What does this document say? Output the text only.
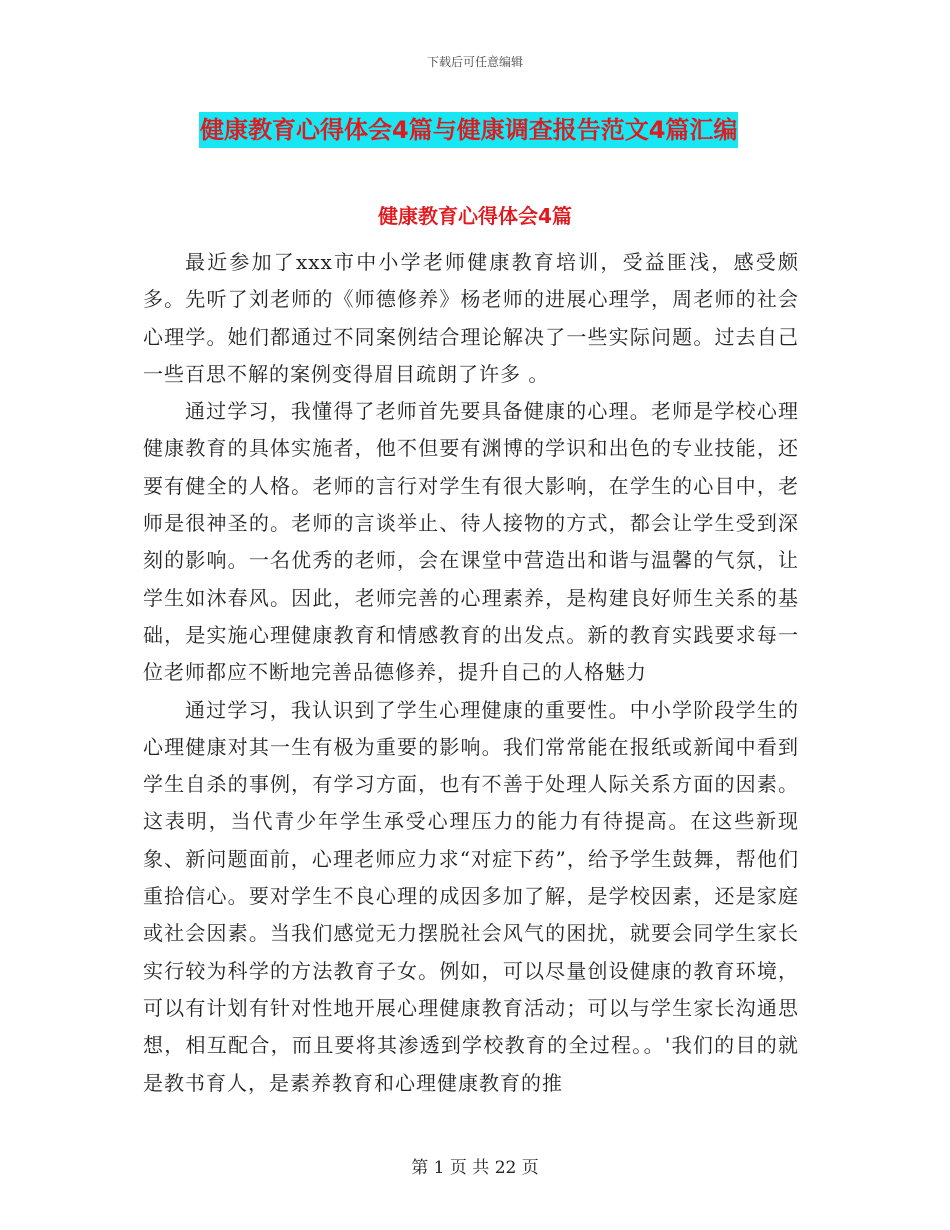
下载后可任意编辑
健康教育心得体会4篇与健康调查报告范文4篇汇编
健康教育心得体会4篇

最近参加了xxx市中小学老师健康教育培训，受益匪浅，感受颇多。先听了刘老师的《师德修养》杨老师的进展心理学，周老师的社会心理学。她们都通过不同案例结合理论解决了一些实际问题。过去自己一些百思不解的案例变得眉目疏朗了许多 。

通过学习，我懂得了老师首先要具备健康的心理。老师是学校心理健康教育的具体实施者，他不但要有渊博的学识和出色的专业技能，还要有健全的人格。老师的言行对学生有很大影响，在学生的心目中，老师是很神圣的。老师的言谈举止、待人接物的方式，都会让学生受到深刻的影响。一名优秀的老师，会在课堂中营造出和谐与温馨的气氛，让学生如沐春风。因此，老师完善的心理素养，是构建良好师生关系的基础，是实施心理健康教育和情感教育的出发点。新的教育实践要求每一位老师都应不断地完善品德修养，提升自己的人格魅力

通过学习，我认识到了学生心理健康的重要性。中小学阶段学生的心理健康对其一生有极为重要的影响。我们常常能在报纸或新闻中看到学生自杀的事例，有学习方面，也有不善于处理人际关系方面的因素。这表明，当代青少年学生承受心理压力的能力有待提高。在这些新现象、新问题面前，心理老师应力求“对症下药”，给予学生鼓舞，帮他们重拾信心。要对学生不良心理的成因多加了解，是学校因素，还是家庭或社会因素。当我们感觉无力摆脱社会风气的困扰，就要会同学生家长实行较为科学的方法教育子女。例如，可以尽量创设健康的教育环境，可以有计划有针对性地开展心理健康教育活动；可以与学生家长沟通思想，相互配合，而且要将其渗透到学校教育的全过程。。'我们的目的就是教书育人，是素养教育和心理健康教育的推

第 1 页 共 22 页
